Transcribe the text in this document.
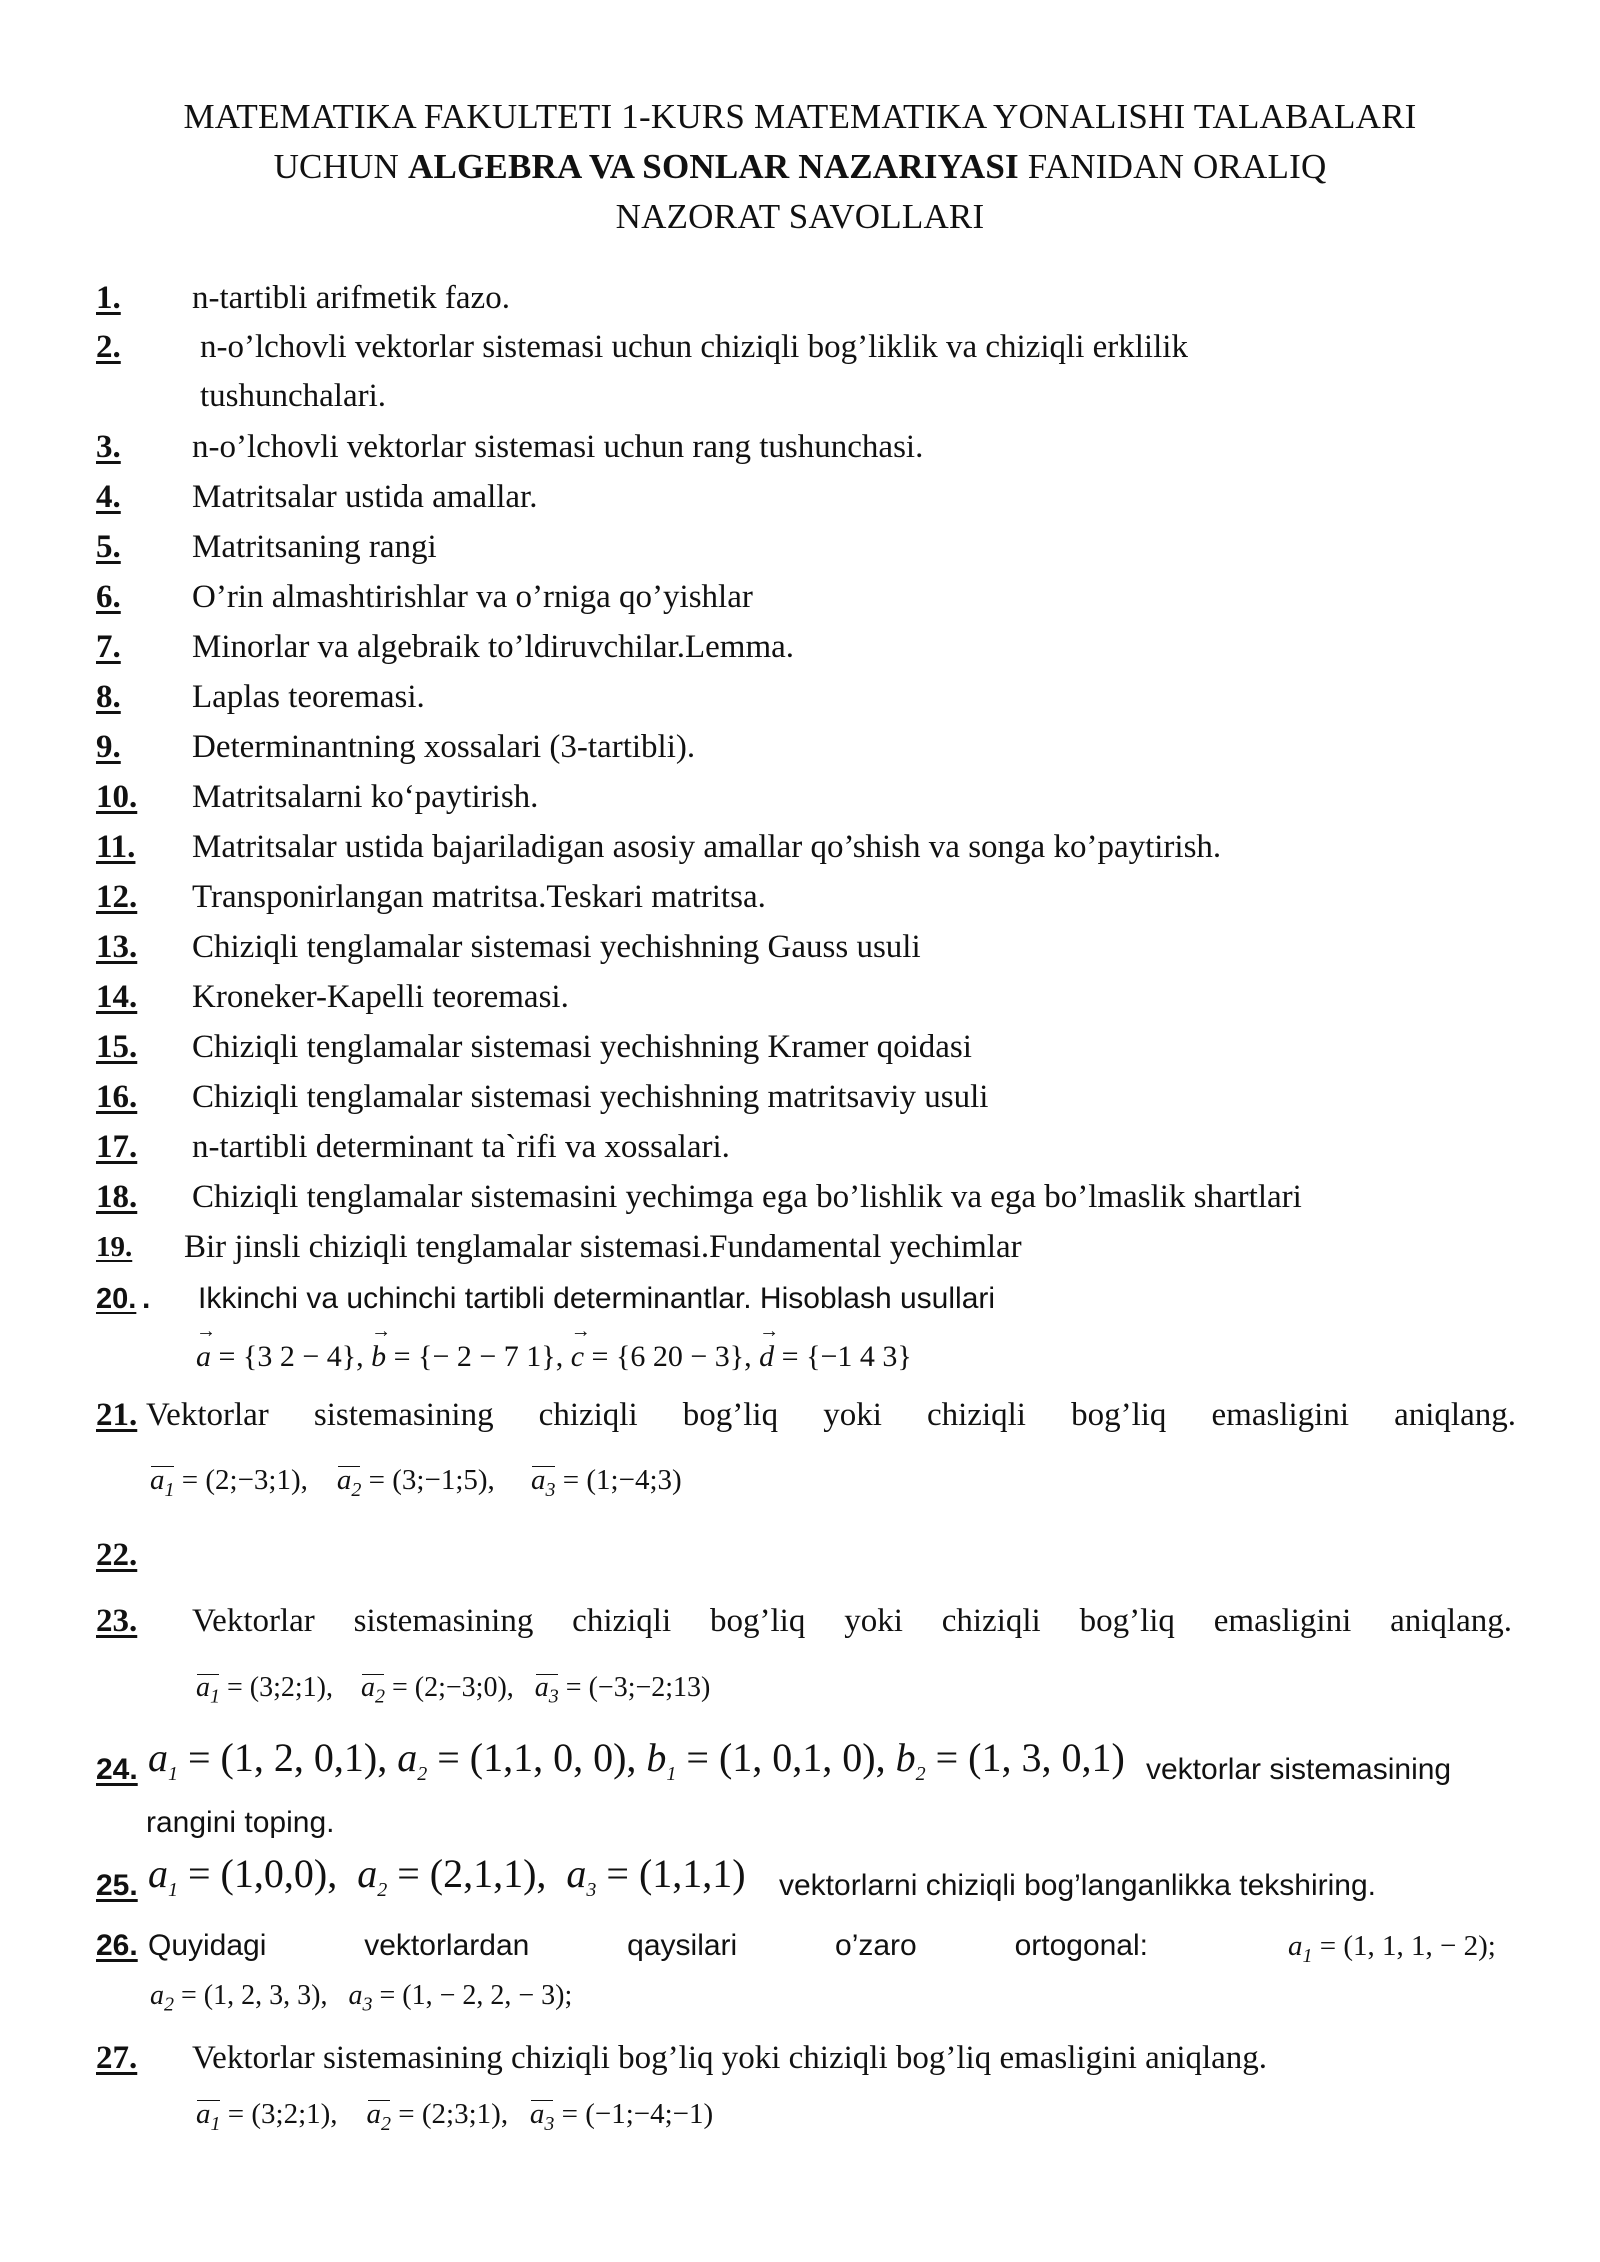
MATEMATIKA FAKULTETI 1-KURS MATEMATIKA YONALISHI TALABALARI
UCHUN ALGEBRA VA SONLAR NAZARIYASI FANIDAN ORALIQ
NAZORAT SAVOLLARI
1. n-tartibli arifmetik fazo.
2. n-o’lchovli vektorlar sistemasi uchun chiziqli bog’liklik va chiziqli erklilik
tushunchalari.
3. n-o’lchovli vektorlar sistemasi uchun rang tushunchasi.
4. Matritsalar ustida amallar.
5. Matritsaning rangi
6. O’rin almashtirishlar va o’rniga qo’yishlar
7. Minorlar va algebraik to’ldiruvchilar.Lemma.
8. Laplas teoremasi.
9. Determinantning xossalari (3-tartibli).
10. Matritsalarni ko‘paytirish.
11. Matritsalar ustida bajariladigan asosiy amallar qo’shish va songa ko’paytirish.
12. Transponirlangan matritsa.Teskari matritsa.
13. Chiziqli tenglamalar sistemasi yechishning Gauss usuli
14. Kroneker-Kapelli teoremasi.
15. Chiziqli tenglamalar sistemasi yechishning Kramer qoidasi
16. Chiziqli tenglamalar sistemasi yechishning matritsaviy usuli
17. n-tartibli determinant ta`rifi va xossalari.
18. Chiziqli tenglamalar sistemasini yechimga ega bo’lishlik va ega bo’lmaslik shartlari
19. Bir jinsli chiziqli tenglamalar sistemasi.Fundamental yechimlar
20. . Ikkinchi va uchinchi tartibli determinantlar. Hisoblash usullari
→ a = {3 2 − 4}, → b = {− 2 − 7 1}, → c = {6 20 − 3}, → d = {−1 4 3}
21. Vektorlar sistemasining chiziqli bog’liq yoki chiziqli bog’liq emasligini aniqlang.
$a_1$ = (2;−3;1), $a_2$ = (3;−1;5), $a_3$ = (1;−4;3)
22.
23. Vektorlar sistemasining chiziqli bog’liq yoki chiziqli bog’liq emasligini aniqlang.
$a_1$ = (3;2;1), $a_2$ = (2;−3;0), $a_3$ = (−3;−2;13)
24. $a_1 = (1$, 2, 0,1), $a_2 = (1,1$, 0, 0), $b_1 = (1$, 0,1, 0), $b_2 = (1$, 3, 0,1) vektorlar sistemasining
rangini toping.
25. $a_1 = (1,0,0)$, $a_2 = (2,1,1)$, $a_3 = (1,1,1)$ vektorlarni chiziqli bog’langanlikka tekshiring.
26. Quyidagi vektorlardan qaysilari o’zaro ortogonal:	$a_1 = (1$, 1, 1, − 2);
$a_2 = (1$, 2, 3, 3), $a_3 = (1$, − 2, 2, − 3);
27. Vektorlar sistemasining chiziqli bog’liq yoki chiziqli bog’liq emasligini aniqlang.
$a_1$ = (3;2;1), $a_2$ = (2;3;1), $a_3$ = (−1;−4;−1)
